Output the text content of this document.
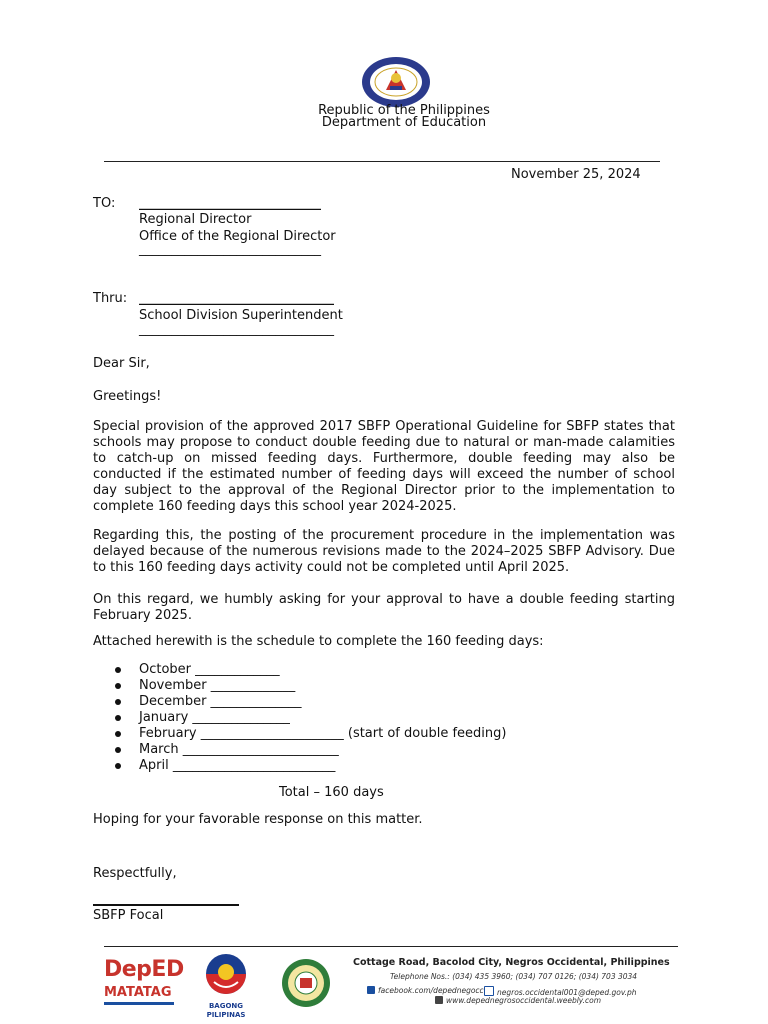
Republic of the Philippines
Department of Education
November 25, 2024
TO: ____________________________
Regional Director
Office of the Regional Director
____________________________
Thru: ______________________________
School Division Superintendent
______________________________
Dear Sir,
Greetings!
Special provision of the approved 2017 SBFP Operational Guideline for SBFP states that schools may propose to conduct double feeding due to natural or man-made calamities to catch-up on missed feeding days. Furthermore, double feeding may also be conducted if the estimated number of feeding days will exceed the number of school day subject to the approval of the Regional Director prior to the implementation to complete 160 feeding days this school year 2024-2025.
Regarding this, the posting of the procurement procedure in the implementation was delayed because of the numerous revisions made to the 2024–2025 SBFP Advisory. Due to this 160 feeding days activity could not be completed until April 2025.
On this regard, we humbly asking for your approval to have a double feeding starting February 2025.
Attached herewith is the schedule to complete the 160 feeding days:
October _____________
November _____________
December ______________
January _______________
February ______________________ (start of double feeding)
March ________________________
April _________________________
Total – 160 days
Hoping for your favorable response on this matter.
Respectfully,
SBFP Focal
DepED
MATATAG
BAGONG PILIPINAS
Cottage Road, Bacolod City, Negros Occidental, Philippines
Telephone Nos.: (034) 435 3960; (034) 707 0126; (034) 703 3034
facebook.com/depednegocc	negros.occidental001@deped.gov.ph
www.depednegrosoccidental.weebly.com
